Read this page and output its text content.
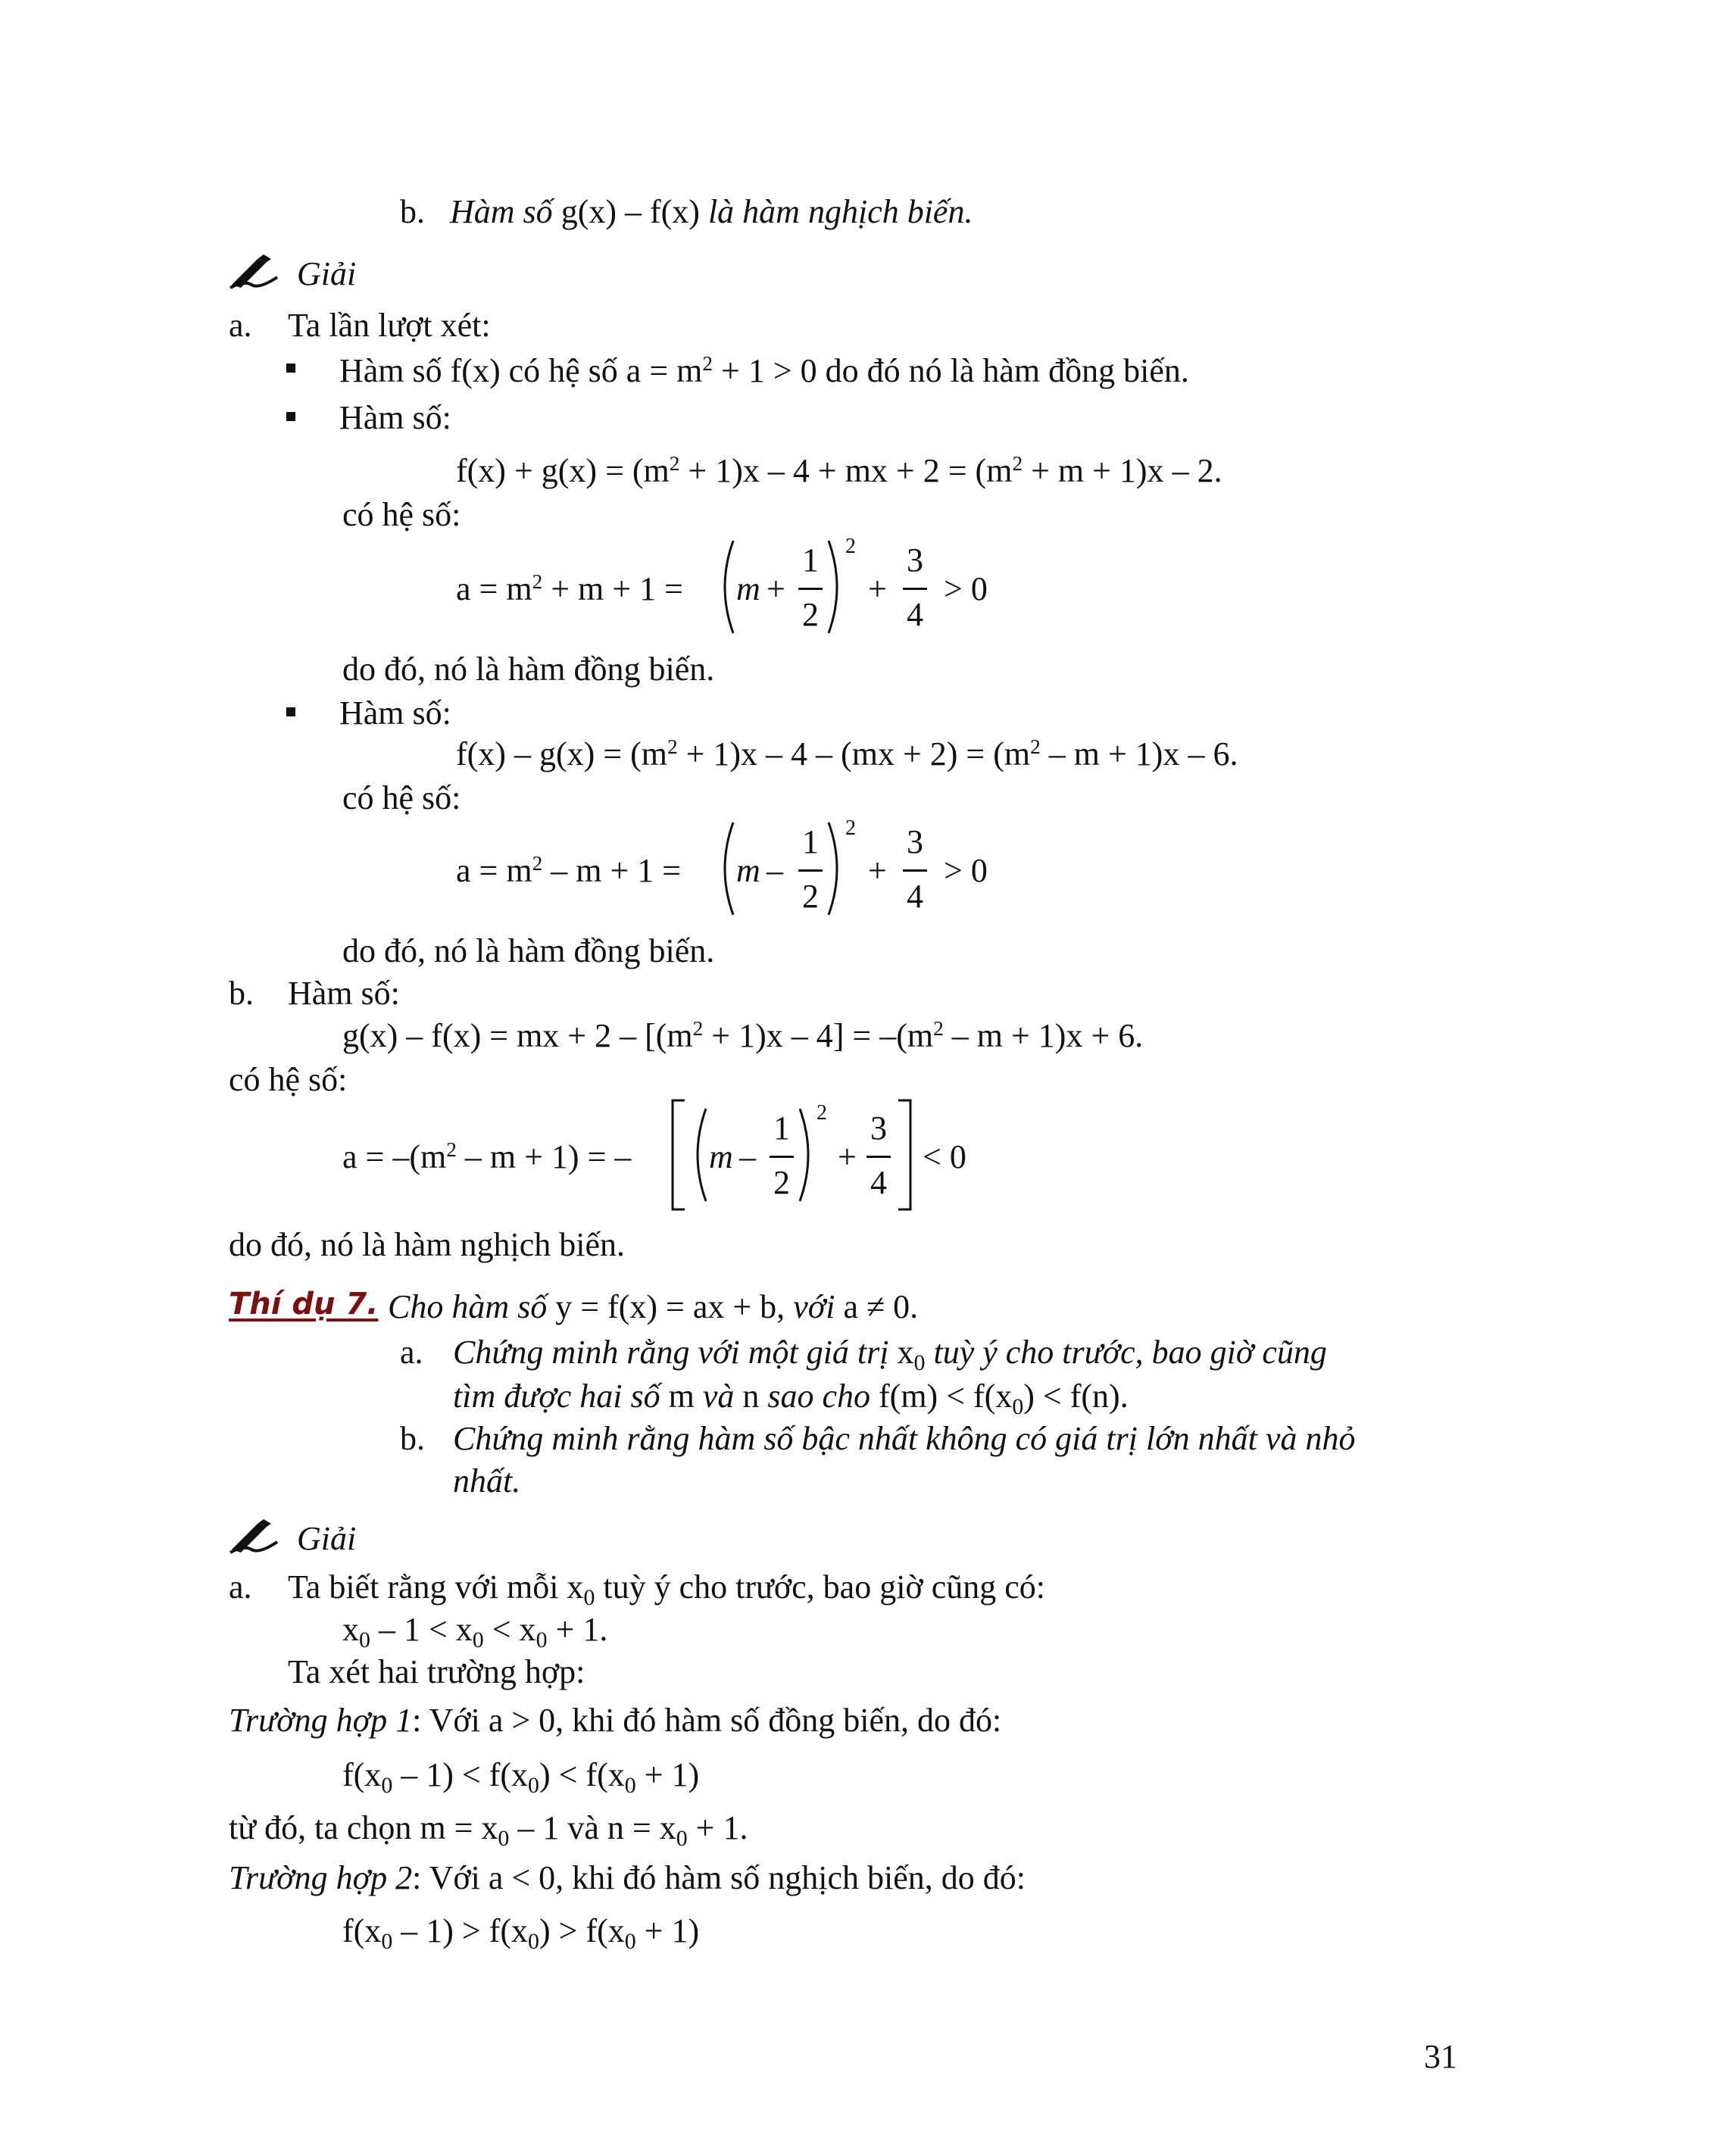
b. Hàm số g(x) – f(x) là hàm nghịch biến.
Giải
a. Ta lần lượt xét:
Hàm số f(x) có hệ số $a = m^2 + 1 > 0$ do đó nó là hàm đồng biến.
Hàm số:
$f(x) + g(x) = (m^2 + 1)x - 4$ + mx + $2 = (m^2 + m + 1)x - 2$.
có hệ số:
$a = m^2 + m + 1 = m$ +
1
2
2
+
3
4
> 0
do đó, nó là hàm đồng biến.
Hàm số:
$f(x) - g(x) = (m^2 + 1)x - 4 - (mx + 2) = (m^2 - m + 1)x - 6$.
có hệ số:
$a = m^2 - m + 1 = m$ –
1
2
2
+
3
4
> 0
do đó, nó là hàm đồng biến.
b. Hàm số:
g(x) – f(x) = mx + $2 - [(m^2 + 1)x - 4] = -(m^2 - m + 1)x + 6$.
có hệ số:
$a = -(m^2 - m + 1)$ = – m –
1
2
2
+
3
4
< 0
do đó, nó là hàm nghịch biến.
Thí dụ 7. Cho hàm số y = f(x) = ax + b, với a ≠ 0.
a. Chứng minh rằng với một giá trị $x_0$ tuỳ ý cho trước, bao giờ cũng
tìm được hai số m và n sao cho $f(m) < f(x_0) < f(n)$.
b. Chứng minh rằng hàm số bậc nhất không có giá trị lớn nhất và nhỏ
nhất.
Giải
a. Ta biết rằng với mỗi $x_0$ tuỳ ý cho trước, bao giờ cũng có:
$x_0 - 1 < x_0 < x_0 + 1$.
Ta xét hai trường hợp:
Trường hợp 1: Với a > 0, khi đó hàm số đồng biến, do đó:
$f(x_0 - 1) < f(x_0) < f(x_0 + 1)$
từ đó, ta chọn $m = x_0 - 1$ và $n = x_0 + 1$.
Trường hợp 2: Với a < 0, khi đó hàm số nghịch biến, do đó:
$f(x_0 - 1) > f(x_0) > f(x_0 + 1)$
31
